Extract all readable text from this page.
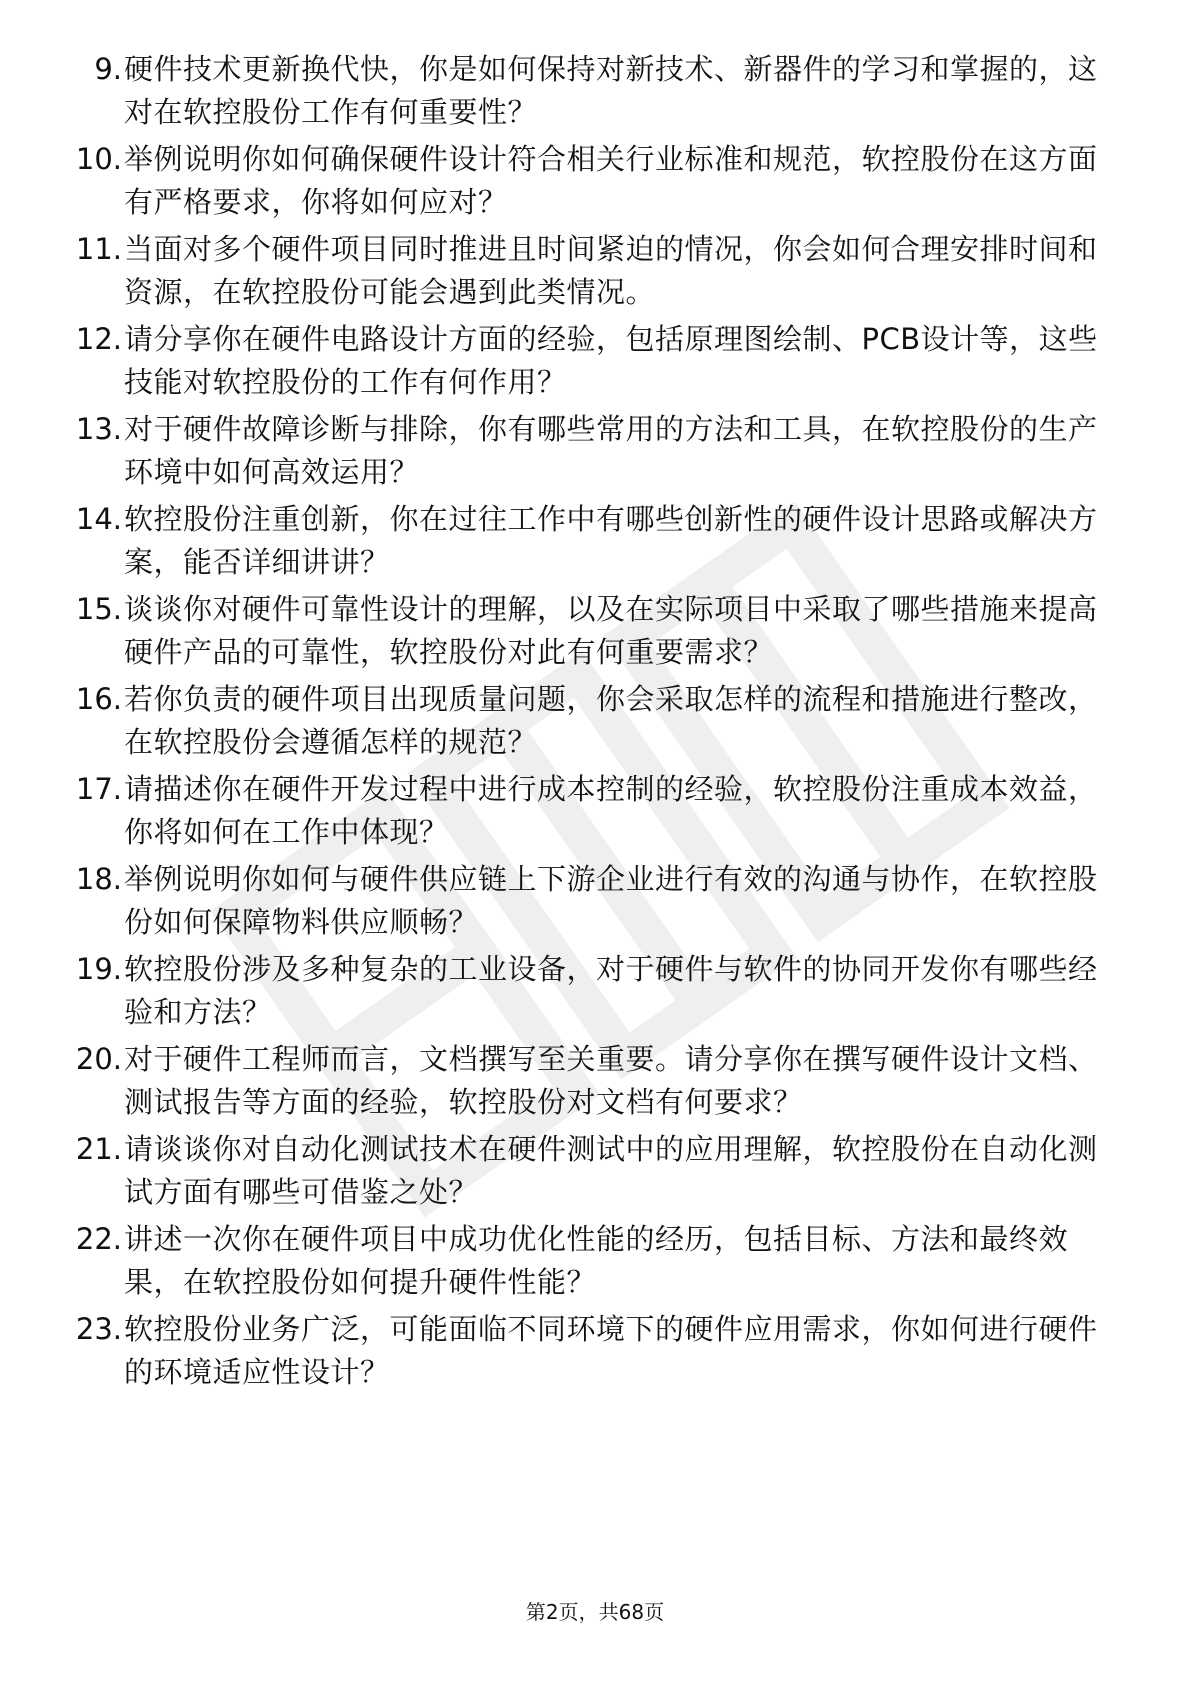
9. 硬件技术更新换代快，你是如何保持对新技术、新器件的学习和掌握的，这对在软控股份工作有何重要性？
10. 举例说明你如何确保硬件设计符合相关行业标准和规范，软控股份在这方面有严格要求，你将如何应对？
11. 当面对多个硬件项目同时推进且时间紧迫的情况，你会如何合理安排时间和资源，在软控股份可能会遇到此类情况。
12. 请分享你在硬件电路设计方面的经验，包括原理图绘制、PCB设计等，这些技能对软控股份的工作有何作用？
13. 对于硬件故障诊断与排除，你有哪些常用的方法和工具，在软控股份的生产环境中如何高效运用？
14. 软控股份注重创新，你在过往工作中有哪些创新性的硬件设计思路或解决方案，能否详细讲讲？
15. 谈谈你对硬件可靠性设计的理解，以及在实际项目中采取了哪些措施来提高硬件产品的可靠性，软控股份对此有何重要需求？
16. 若你负责的硬件项目出现质量问题，你会采取怎样的流程和措施进行整改，在软控股份会遵循怎样的规范？
17. 请描述你在硬件开发过程中进行成本控制的经验，软控股份注重成本效益，你将如何在工作中体现？
18. 举例说明你如何与硬件供应链上下游企业进行有效的沟通与协作，在软控股份如何保障物料供应顺畅？
19. 软控股份涉及多种复杂的工业设备，对于硬件与软件的协同开发你有哪些经验和方法？
20. 对于硬件工程师而言，文档撰写至关重要。请分享你在撰写硬件设计文档、测试报告等方面的经验，软控股份对文档有何要求？
21. 请谈谈你对自动化测试技术在硬件测试中的应用理解，软控股份在自动化测试方面有哪些可借鉴之处？
22. 讲述一次你在硬件项目中成功优化性能的经历，包括目标、方法和最终效果，在软控股份如何提升硬件性能？
23. 软控股份业务广泛，可能面临不同环境下的硬件应用需求，你如何进行硬件的环境适应性设计？
第2页，共68页
